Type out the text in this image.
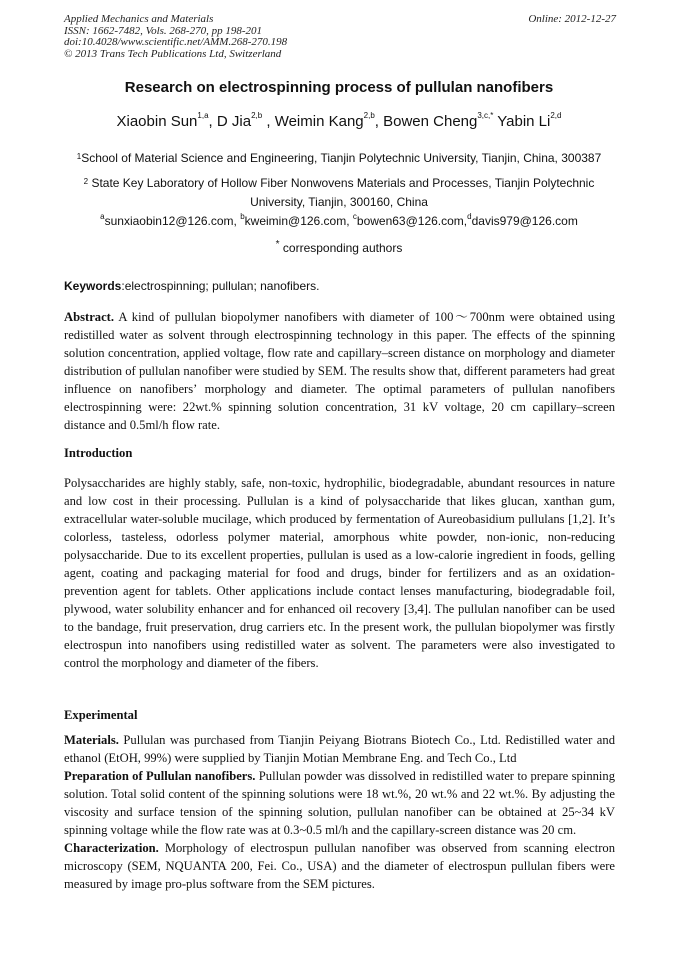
Applied Mechanics and Materials
ISSN: 1662-7482, Vols. 268-270, pp 198-201
doi:10.4028/www.scientific.net/AMM.268-270.198
© 2013 Trans Tech Publications Ltd, Switzerland
Online: 2012-12-27
Research on electrospinning process of pullulan nanofibers
Xiaobin Sun$^{1,a}$, D Jia$^{2,b}$ , Weimin Kang$^{2,b}$, Bowen Cheng$^{3,c,*}$ Yabin Li$^{2,d}$
$^1$School of Material Science and Engineering, Tianjin Polytechnic University, Tianjin, China, 300387
$^2$ State Key Laboratory of Hollow Fiber Nonwovens Materials and Processes, Tianjin Polytechnic
University, Tianjin, 300160, China
$^a$sunxiaobin12@126.com, $^b$kweimin@126.com, $^c$bowen63@126.com,$^d$davis979@126.com
* corresponding authors
Keywords:electrospinning; pullulan; nanofibers.
Abstract. A kind of pullulan biopolymer nanofibers with diameter of 100～700nm were obtained using redistilled water as solvent through electrospinning technology in this paper. The effects of the spinning solution concentration, applied voltage, flow rate and capillary–screen distance on morphology and diameter distribution of pullulan nanofiber were studied by SEM. The results show that, different parameters had great influence on nanofibers’ morphology and diameter. The optimal parameters of pullulan nanofibers electrospinning were: 22wt.% spinning solution concentration, 31 kV voltage, 20 cm capillary–screen distance and 0.5ml/h flow rate.
Introduction
Polysaccharides are highly stably, safe, non-toxic, hydrophilic, biodegradable, abundant resources in nature and low cost in their processing. Pullulan is a kind of polysaccharide that likes glucan, xanthan gum, extracellular water-soluble mucilage, which produced by fermentation of Aureobasidium pullulans [1,2]. It’s colorless, tasteless, odorless polymer material, amorphous white powder, non-ionic, non-reducing polysaccharide. Due to its excellent properties, pullulan is used as a low-calorie ingredient in foods, gelling agent, coating and packaging material for food and drugs, binder for fertilizers and as an oxidation-prevention agent for tablets. Other applications include contact lenses manufacturing, biodegradable foil, plywood, water solubility enhancer and for enhanced oil recovery [3,4]. The pullulan nanofiber can be used to the bandage, fruit preservation, drug carriers etc. In the present work, the pullulan biopolymer was firstly electrospun into nanofibers using redistilled water as solvent. The parameters were also investigated to control the morphology and diameter of the fibers.
Experimental
Materials. Pullulan was purchased from Tianjin Peiyang Biotrans Biotech Co., Ltd. Redistilled water and ethanol (EtOH, 99%) were supplied by Tianjin Motian Membrane Eng. and Tech Co., Ltd
Preparation of Pullulan nanofibers. Pullulan powder was dissolved in redistilled water to prepare spinning solution. Total solid content of the spinning solutions were 18 wt.%, 20 wt.% and 22 wt.%. By adjusting the viscosity and surface tension of the spinning solution, pullulan nanofiber can be obtained at 25~34 kV spinning voltage while the flow rate was at 0.3~0.5 ml/h and the capillary-screen distance was 20 cm.
Characterization. Morphology of electrospun pullulan nanofiber was observed from scanning electron microscopy (SEM, NQUANTA 200, Fei. Co., USA) and the diameter of electrospun pullulan fibers were measured by image pro-plus software from the SEM pictures.
